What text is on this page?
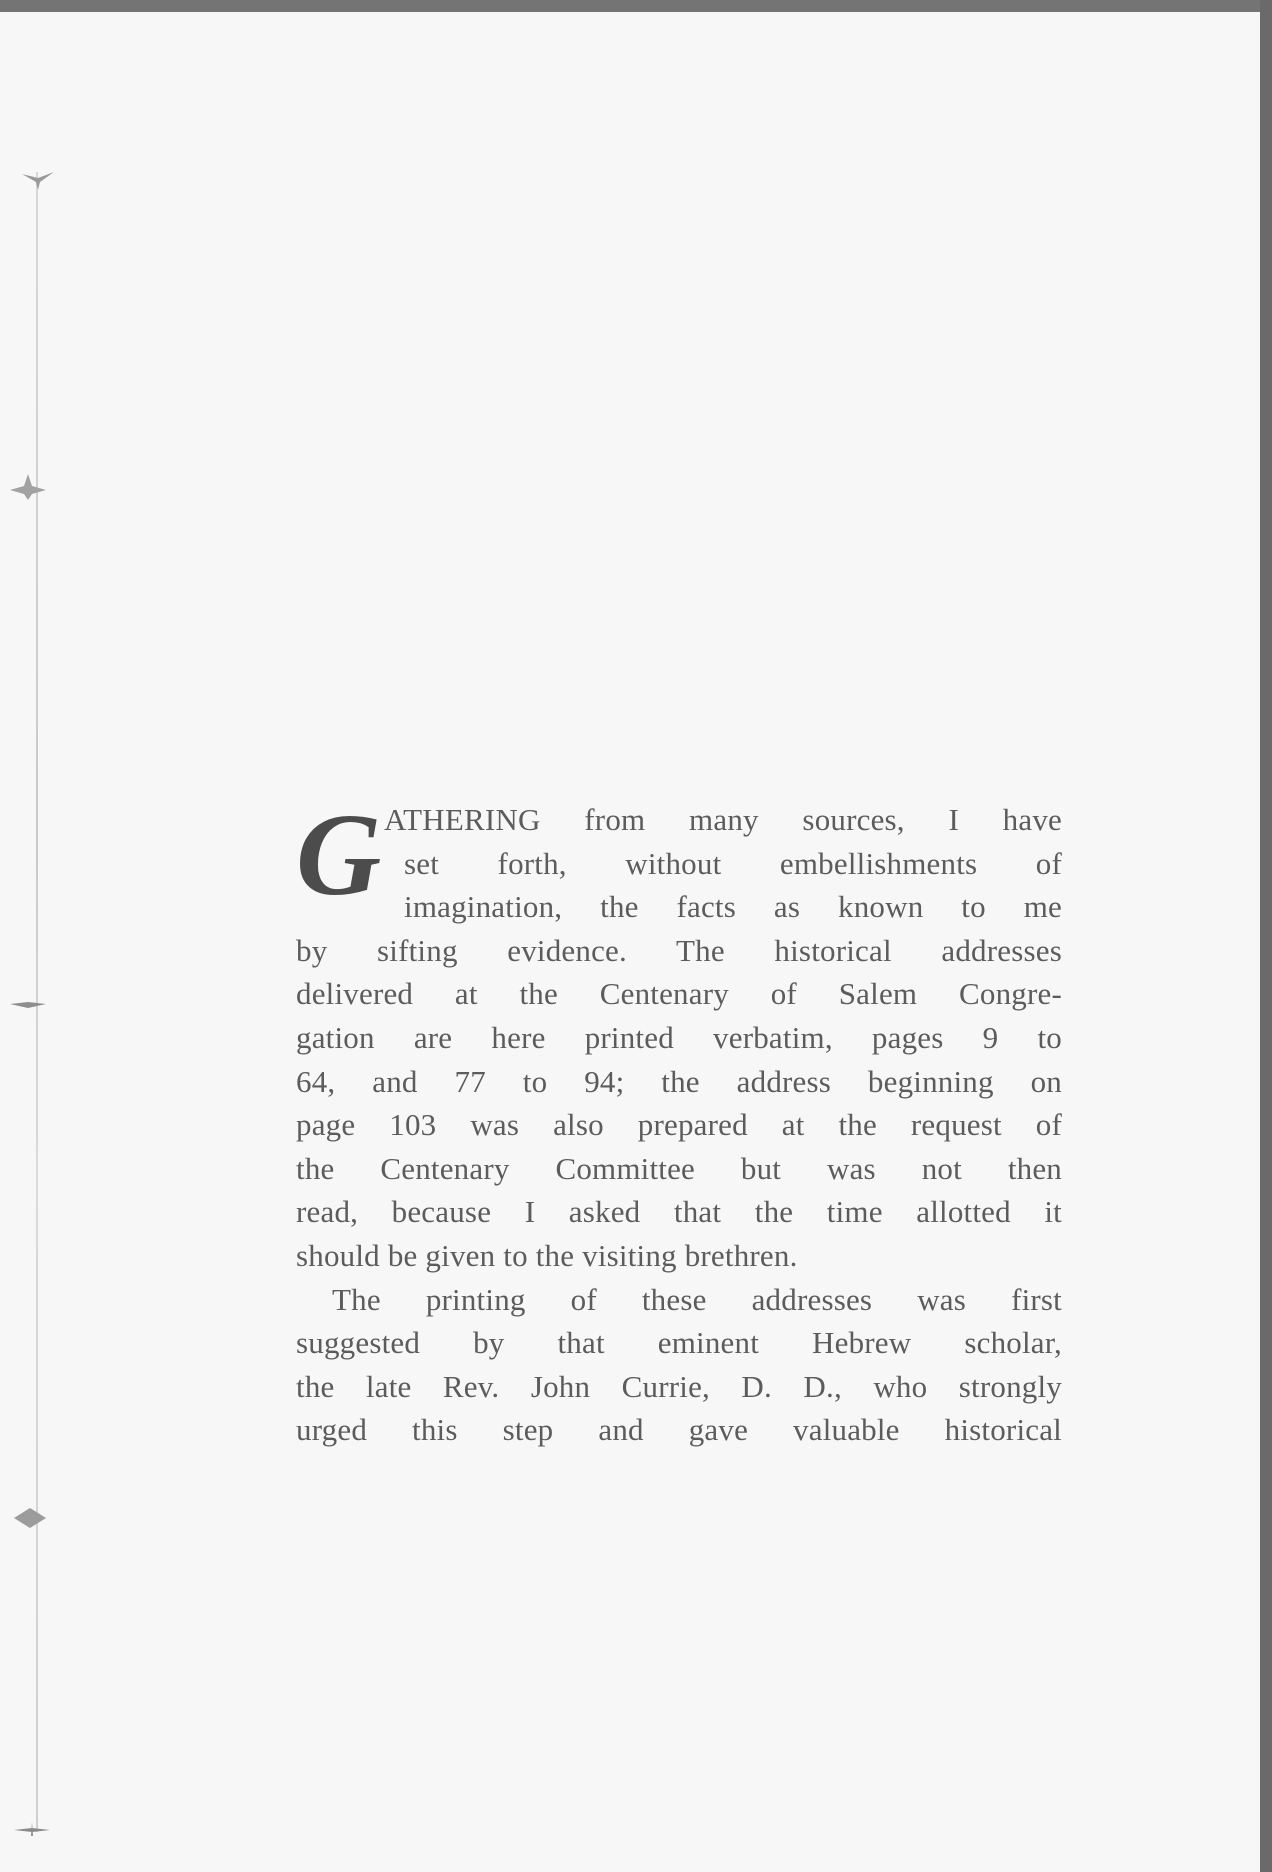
G ATHERING from many sources, I have
set forth, without embellishments of
imagination, the facts as known to me
by sifting evidence. The historical addresses
delivered at the Centenary of Salem Congre-
gation are here printed verbatim, pages 9 to
64, and 77 to 94; the address beginning on
page 103 was also prepared at the request of
the Centenary Committee but was not then
read, because I asked that the time allotted it
should be given to the visiting brethren.
The printing of these addresses was first
suggested by that eminent Hebrew scholar,
the late Rev. John Currie, D. D., who strongly
urged this step and gave valuable historical
